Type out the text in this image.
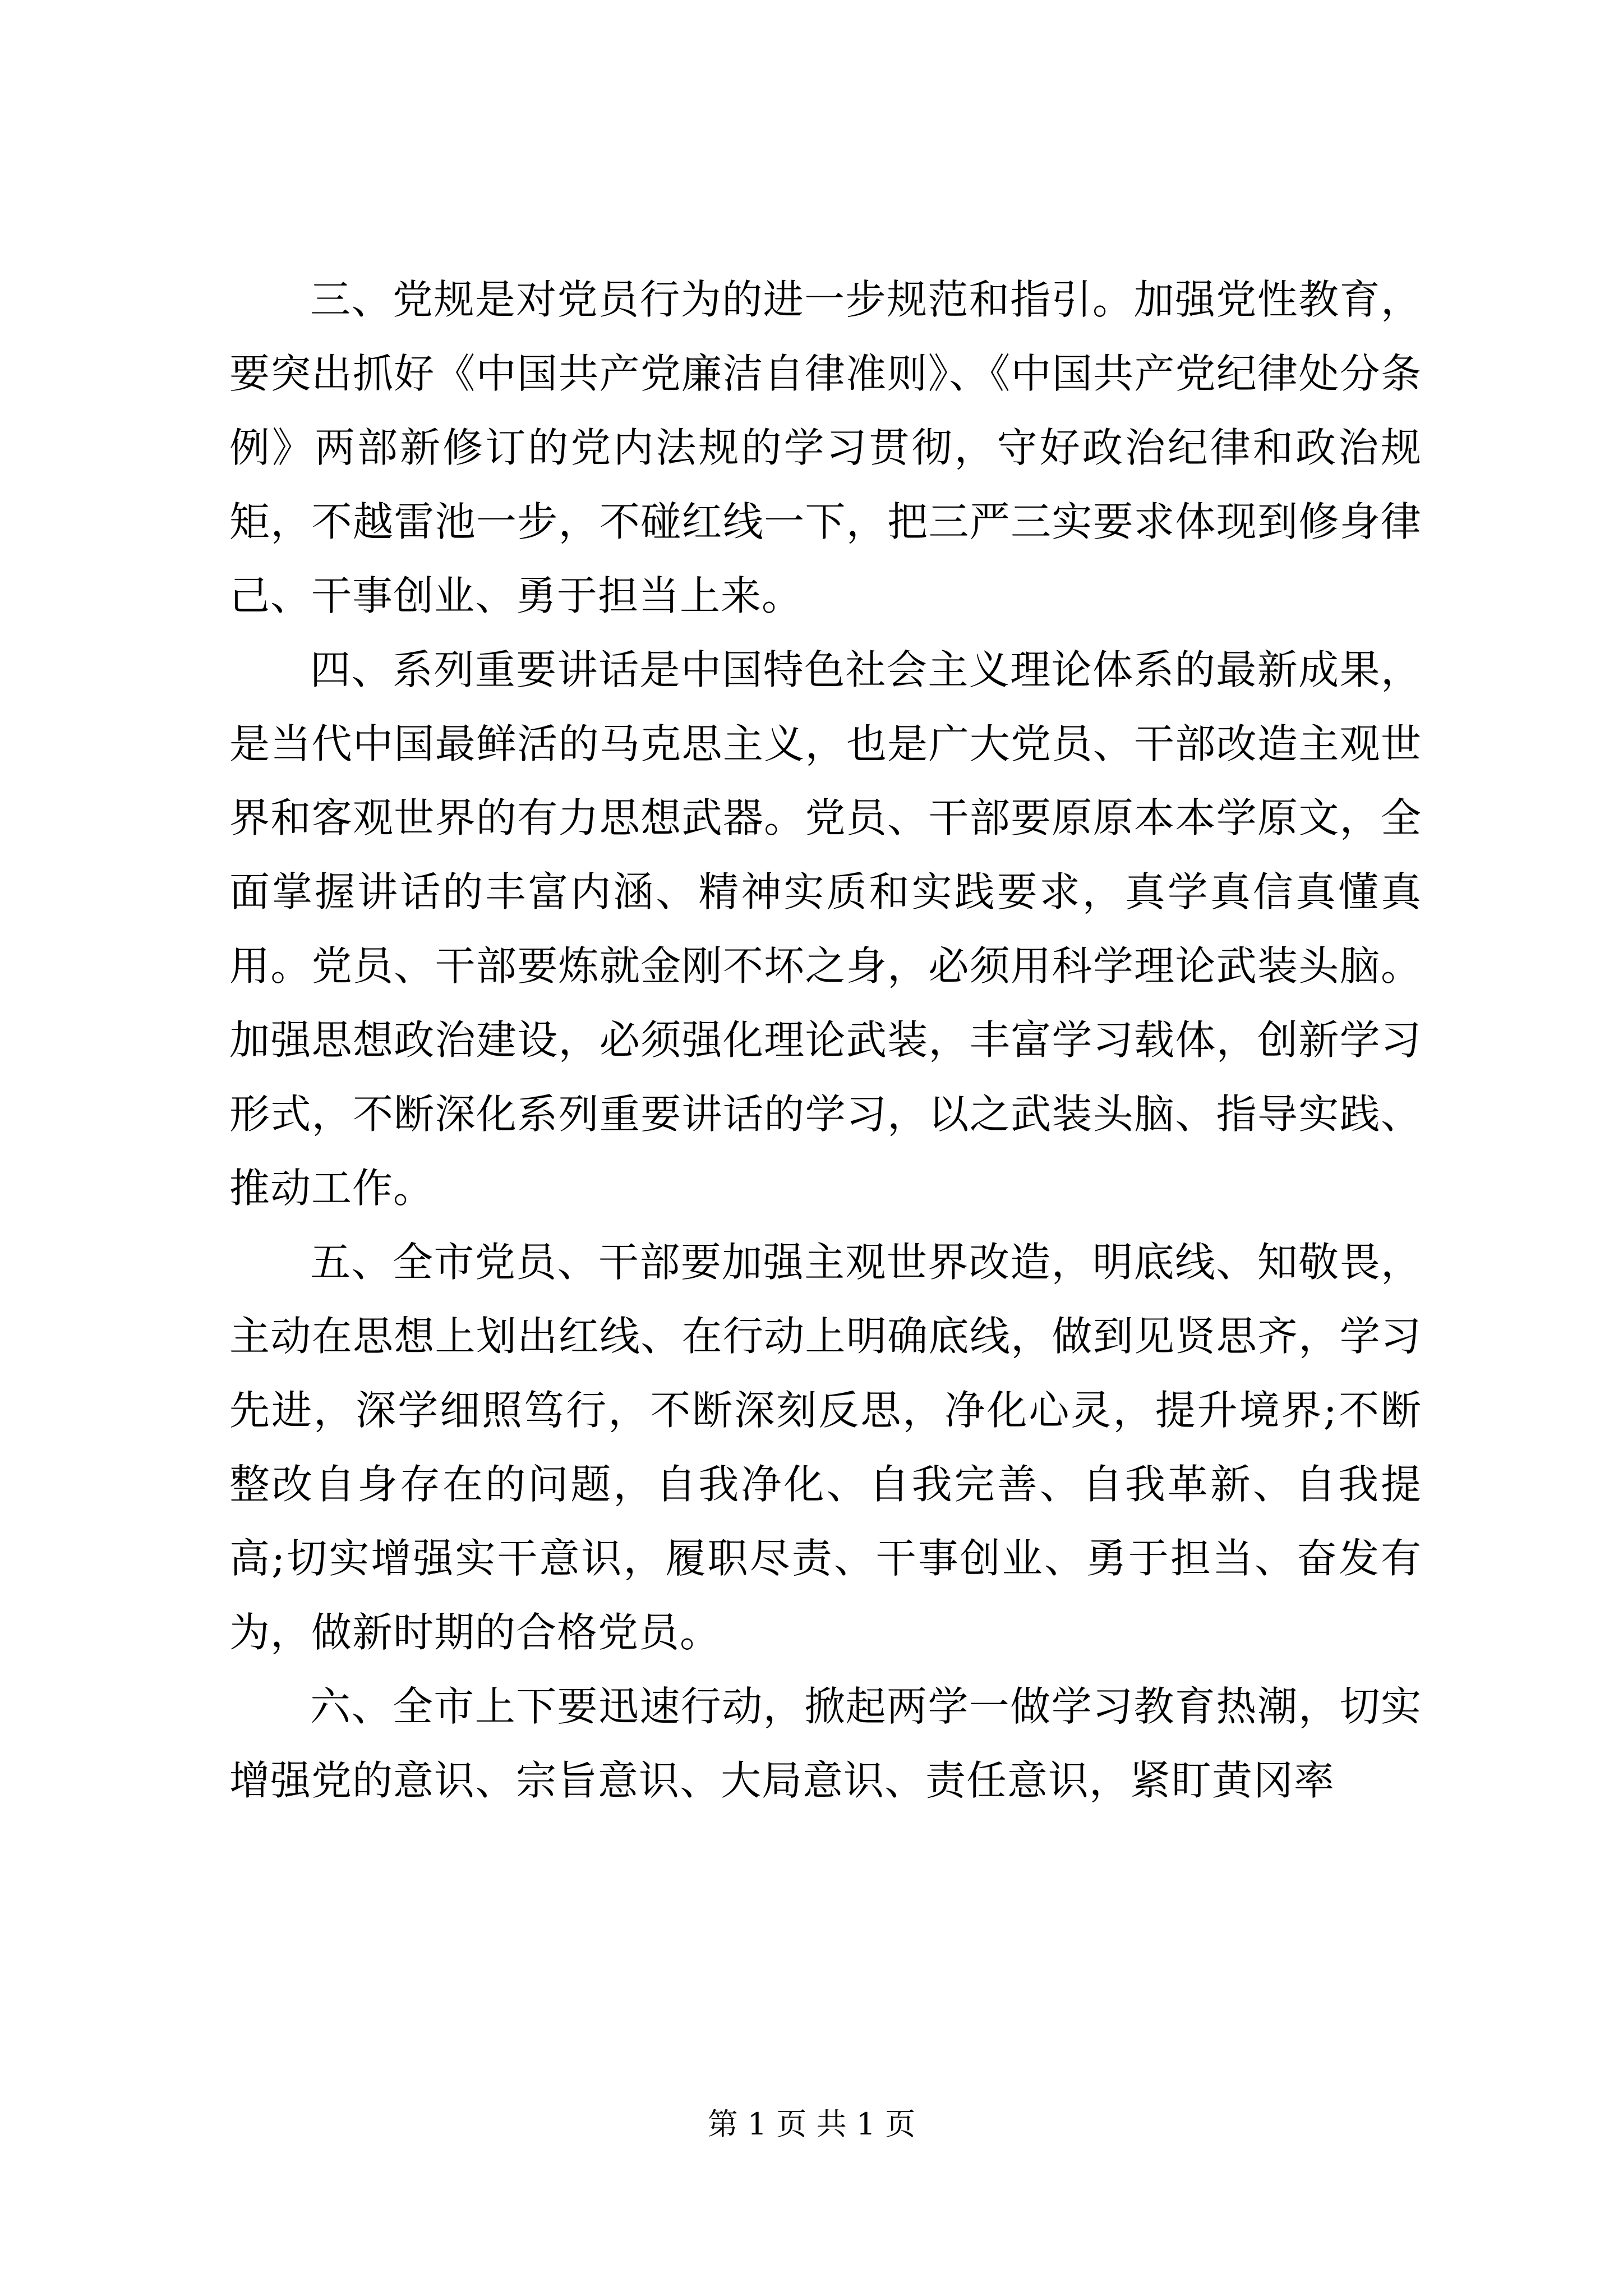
三、党规是对党员行为的进一步规范和指引。加强党性教育，要突出抓好《中国共产党廉洁自律准则》、《中国共产党纪律处分条例》两部新修订的党内法规的学习贯彻，守好政治纪律和政治规矩，不越雷池一步，不碰红线一下，把三严三实要求体现到修身律己、干事创业、勇于担当上来。

四、系列重要讲话是中国特色社会主义理论体系的最新成果，是当代中国最鲜活的马克思主义，也是广大党员、干部改造主观世界和客观世界的有力思想武器。党员、干部要原原本本学原文，全面掌握讲话的丰富内涵、精神实质和实践要求，真学真信真懂真用。党员、干部要炼就金刚不坏之身，必须用科学理论武装头脑。加强思想政治建设，必须强化理论武装，丰富学习载体，创新学习形式，不断深化系列重要讲话的学习，以之武装头脑、指导实践、推动工作。

五、全市党员、干部要加强主观世界改造，明底线、知敬畏，主动在思想上划出红线、在行动上明确底线，做到见贤思齐，学习先进，深学细照笃行，不断深刻反思，净化心灵，提升境界;不断整改自身存在的问题，自我净化、自我完善、自我革新、自我提高;切实增强实干意识，履职尽责、干事创业、勇于担当、奋发有为，做新时期的合格党员。

六、全市上下要迅速行动，掀起两学一做学习教育热潮，切实增强党的意识、宗旨意识、大局意识、责任意识，紧盯黄冈率

第 1 页 共 1 页
